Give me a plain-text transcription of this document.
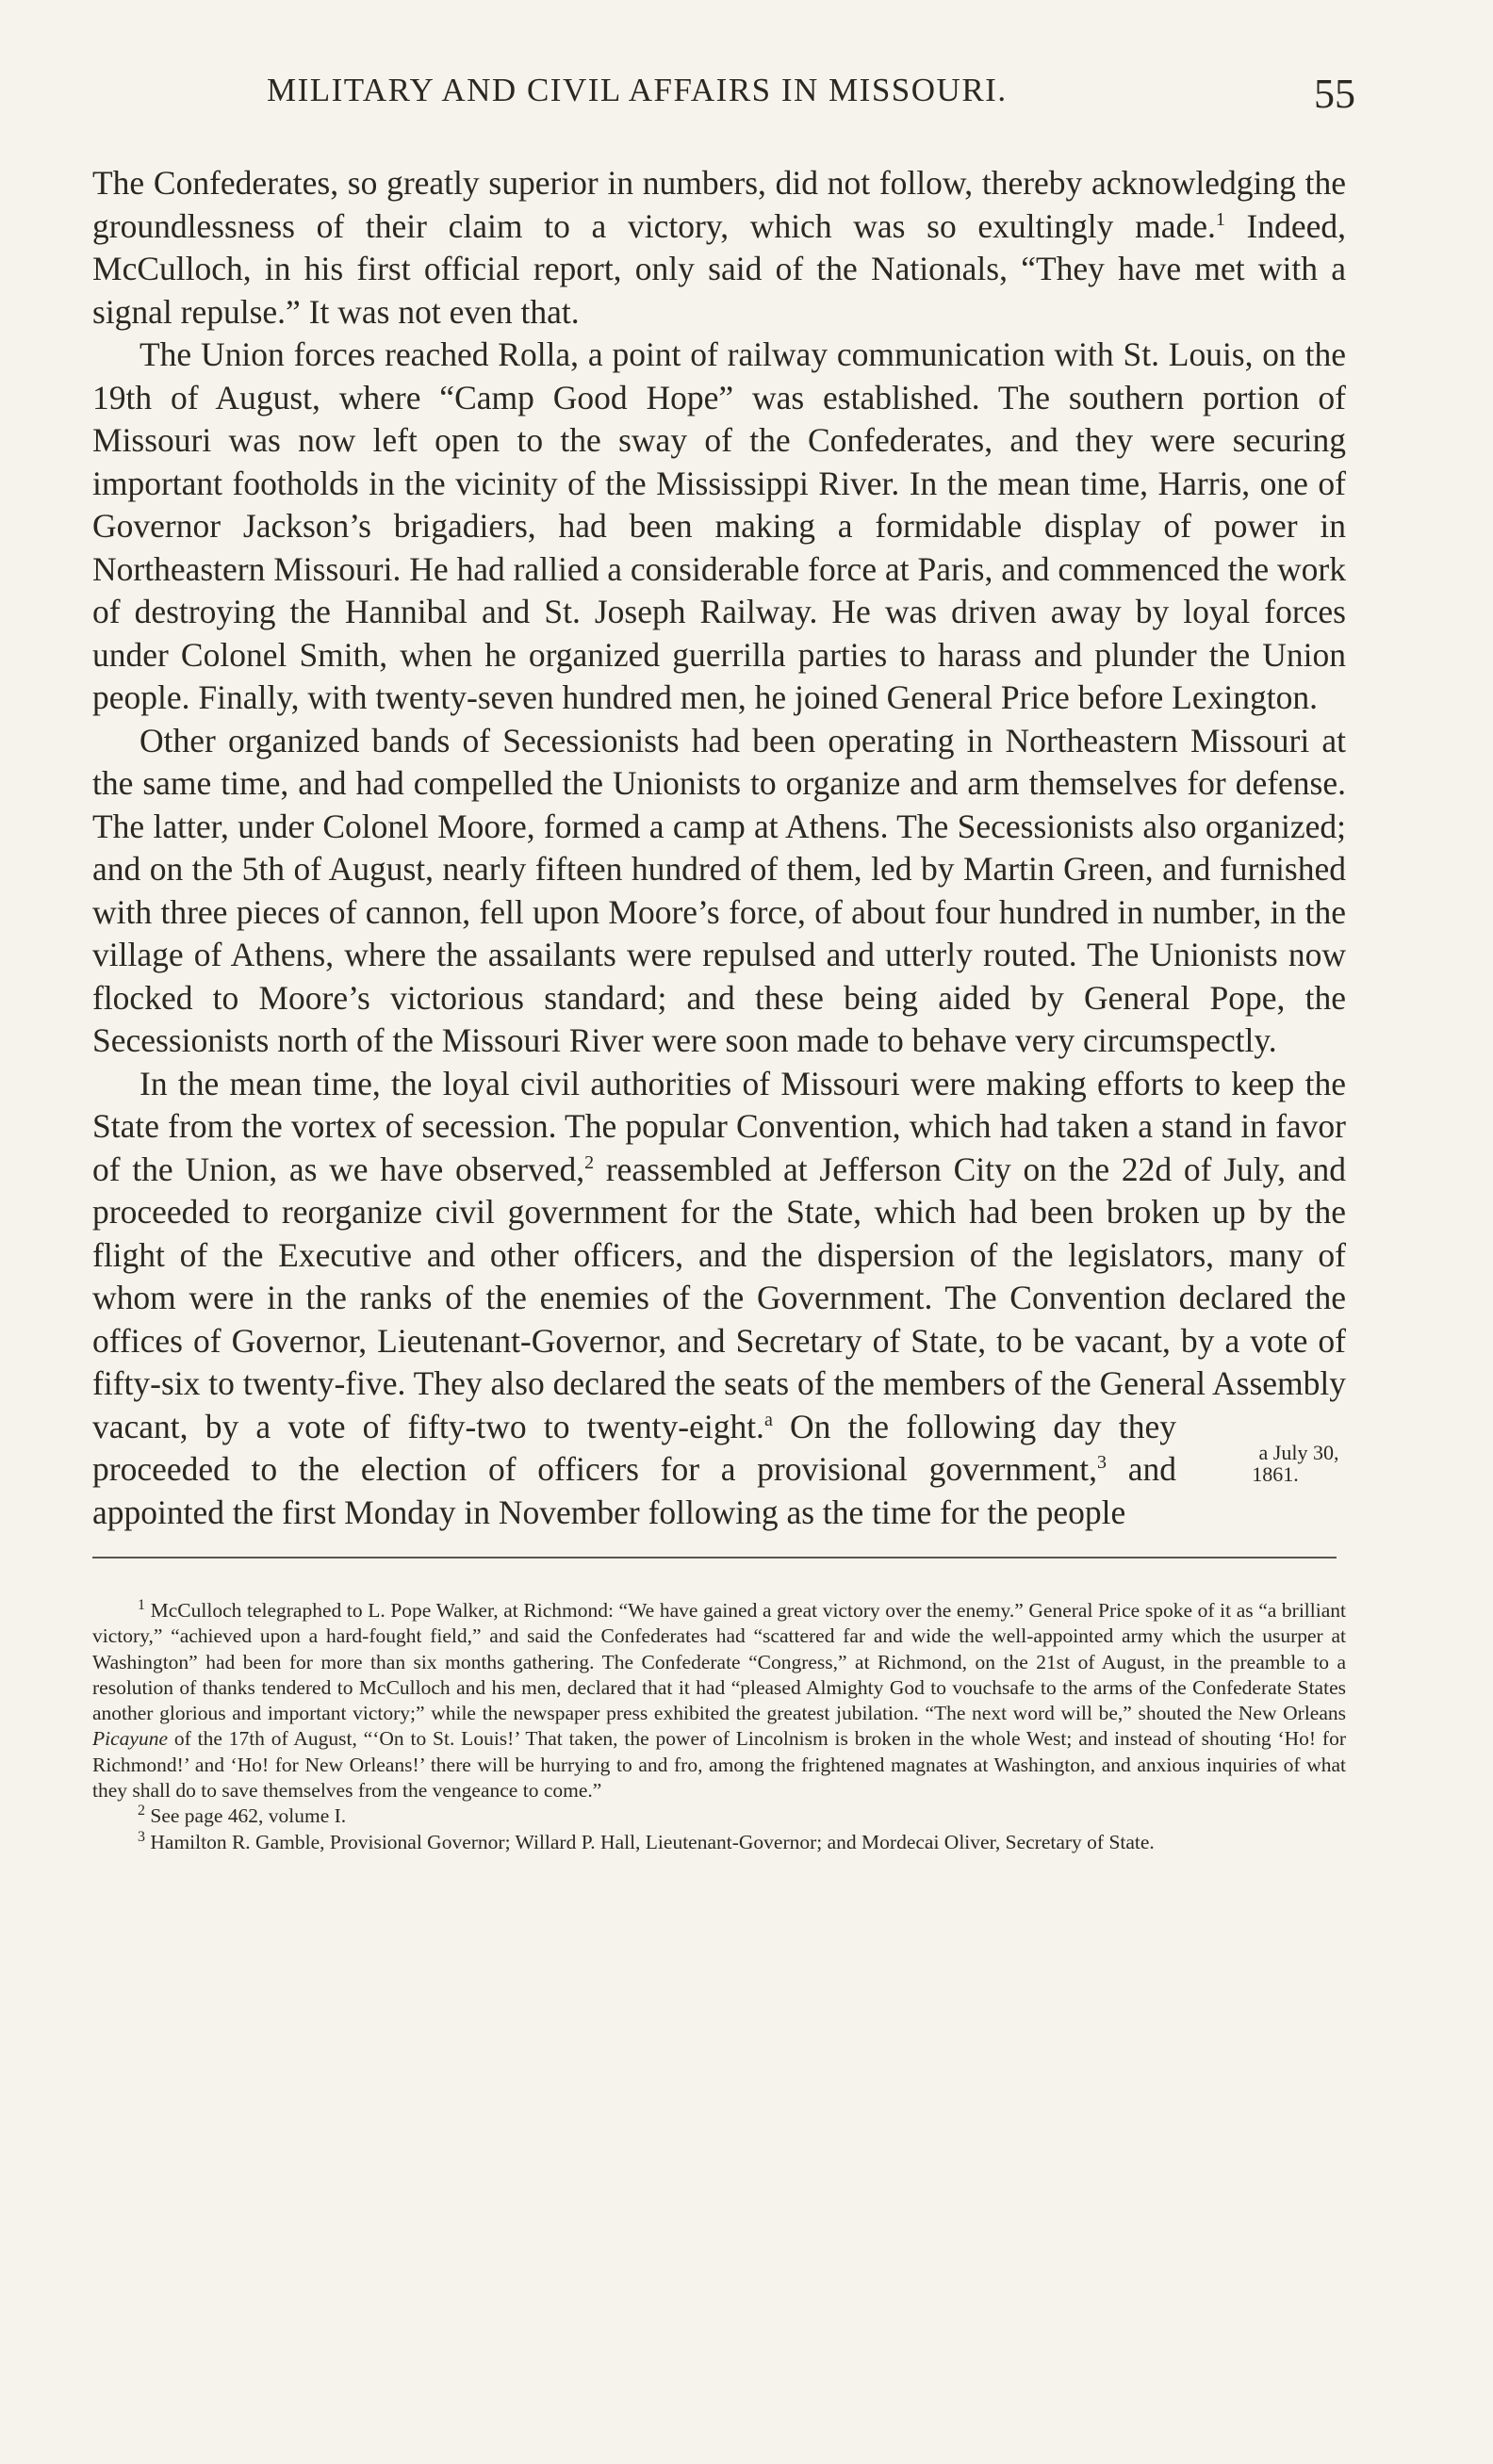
MILITARY AND CIVIL AFFAIRS IN MISSOURI.	55

The Confederates, so greatly superior in numbers, did not follow, thereby acknowledging the groundlessness of their claim to a victory, which was so exultingly made.$^1$ Indeed, McCulloch, in his first official report, only said of the Nationals, “They have met with a signal repulse.” It was not even that.

The Union forces reached Rolla, a point of railway communication with St. Louis, on the 19th of August, where “Camp Good Hope” was established. The southern portion of Missouri was now left open to the sway of the Confederates, and they were securing important footholds in the vicinity of the Mississippi River. In the mean time, Harris, one of Governor Jackson’s brigadiers, had been making a formidable display of power in Northeastern Missouri. He had rallied a considerable force at Paris, and commenced the work of destroying the Hannibal and St. Joseph Railway. He was driven away by loyal forces under Colonel Smith, when he organized guerrilla parties to harass and plunder the Union people. Finally, with twenty-seven hundred men, he joined General Price before Lexington.

Other organized bands of Secessionists had been operating in Northeastern Missouri at the same time, and had compelled the Unionists to organize and arm themselves for defense. The latter, under Colonel Moore, formed a camp at Athens. The Secessionists also organized; and on the 5th of August, nearly fifteen hundred of them, led by Martin Green, and furnished with three pieces of cannon, fell upon Moore’s force, of about four hundred in number, in the village of Athens, where the assailants were repulsed and utterly routed. The Unionists now flocked to Moore’s victorious standard; and these being aided by General Pope, the Secessionists north of the Missouri River were soon made to behave very circumspectly.

In the mean time, the loyal civil authorities of Missouri were making efforts to keep the State from the vortex of secession. The popular Convention, which had taken a stand in favor of the Union, as we have observed,$^2$ reassembled at Jefferson City on the 22d of July, and proceeded to reorganize civil government for the State, which had been broken up by the flight of the Executive and other officers, and the dispersion of the legislators, many of whom were in the ranks of the enemies of the Government. The Convention declared the offices of Governor, Lieutenant-Governor, and Secretary of State, to be vacant, by a vote of fifty-six to twenty-five. They also declared the seats of the members of the General Assembly vacant, by a vote of fifty-two to twenty-eight.$^a$
a July 30,
1861.
On the following day they proceeded to the election of officers for a provisional government,$^3$ and appointed the first Monday in November following as the time for the people

$^1$ McCulloch telegraphed to L. Pope Walker, at Richmond: “We have gained a great victory over the enemy.” General Price spoke of it as “a brilliant victory,” “achieved upon a hard-fought field,” and said the Confederates had “scattered far and wide the well-appointed army which the usurper at Washington” had been for more than six months gathering. The Confederate “Congress,” at Richmond, on the 21st of August, in the preamble to a resolution of thanks tendered to McCulloch and his men, declared that it had “pleased Almighty God to vouchsafe to the arms of the Confederate States another glorious and important victory;” while the newspaper press exhibited the greatest jubilation. “The next word will be,” shouted the New Orleans Picayune of the 17th of August, “‘On to St. Louis!’ That taken, the power of Lincolnism is broken in the whole West; and instead of shouting ‘Ho! for Richmond!’ and ‘Ho! for New Orleans!’ there will be hurrying to and fro, among the frightened magnates at Washington, and anxious inquiries of what they shall do to save themselves from the vengeance to come.”

$^2$ See page 462, volume I.

$^3$ Hamilton R. Gamble, Provisional Governor; Willard P. Hall, Lieutenant-Governor; and Mordecai Oliver, Secretary of State.
